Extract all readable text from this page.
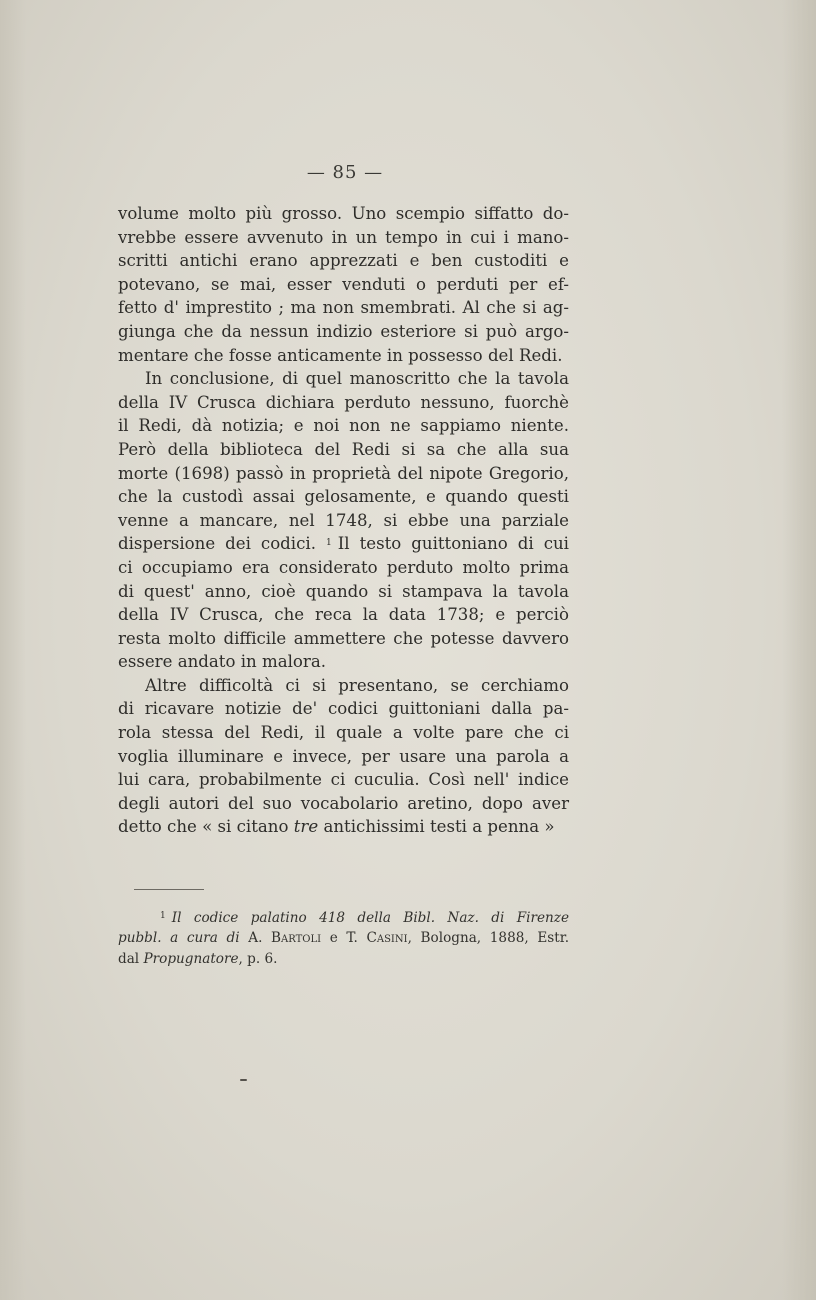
— 85 —
volume molto più grosso. Uno scempio siffatto do-
vrebbe essere avvenuto in un tempo in cui i mano-
scritti antichi erano apprezzati e ben custoditi e
potevano, se mai, esser venduti o perduti per ef-
fetto d' imprestito ; ma non smembrati. Al che si ag-
giunga che da nessun indizio esteriore si può argo-
mentare che fosse anticamente in possesso del Redi.
In conclusione, di quel manoscritto che la tavola
della IV Crusca dichiara perduto nessuno, fuorchè
il Redi, dà notizia; e noi non ne sappiamo niente.
Però della biblioteca del Redi si sa che alla sua
morte (1698) passò in proprietà del nipote Gregorio,
che la custodì assai gelosamente, e quando questi
venne a mancare, nel 1748, si ebbe una parziale
dispersione dei codici. $^1$ Il testo guittoniano di cui
ci occupiamo era considerato perduto molto prima
di quest' anno, cioè quando si stampava la tavola
della IV Crusca, che reca la data 1738; e perciò
resta molto difficile ammettere che potesse davvero
essere andato in malora.
Altre difficoltà ci si presentano, se cerchiamo
di ricavare notizie de' codici guittoniani dalla pa-
rola stessa del Redi, il quale a volte pare che ci
voglia illuminare e invece, per usare una parola a
lui cara, probabilmente ci cuculia. Così nell' indice
degli autori del suo vocabolario aretino, dopo aver
detto che « si citano tre antichissimi testi a penna »
$^1$ Il codice palatino 418 della Bibl. Naz. di Firenze
pubbl. a cura di A. Bartoli e T. Casini, Bologna, 1888, Estr.
dal Propugnatore, p. 6.
